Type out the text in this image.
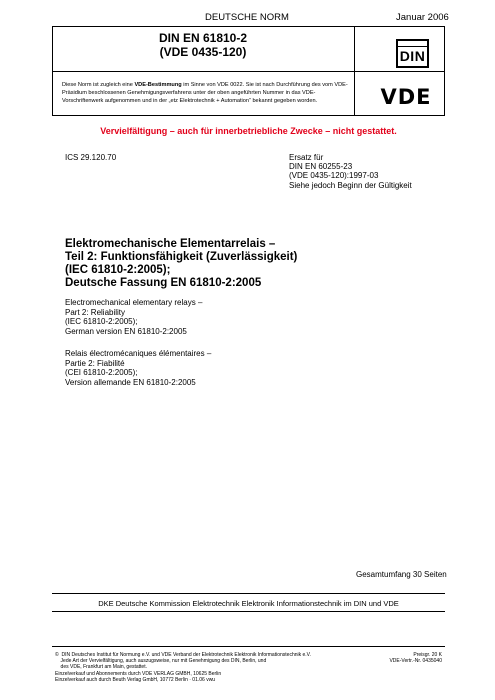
DEUTSCHE NORM	Januar 2006
DIN EN 61810-2
(VDE 0435-120)	DIN
Diese Norm ist zugleich eine VDE-Bestimmung im Sinne von VDE 0022. Sie ist nach Durchführung des vom VDE-Präsidium beschlossenen Genehmigungsverfahrens unter der oben angeführten Nummer in das VDE-Vorschriftenwerk aufgenommen und in der „etz Elektrotechnik + Automation“ bekannt gegeben worden.	VDE
Vervielfältigung – auch für innerbetriebliche Zwecke – nicht gestattet.
ICS 29.120.70	Ersatz für
DIN EN 60255-23
(VDE 0435-120):1997-03
Siehe jedoch Beginn der Gültigkeit
Elektromechanische Elementarrelais –
Teil 2: Funktionsfähigkeit (Zuverlässigkeit)
(IEC 61810-2:2005);
Deutsche Fassung EN 61810-2:2005
Electromechanical elementary relays –
Part 2: Reliability
(IEC 61810-2:2005);
German version EN 61810-2:2005
Relais électromécaniques élémentaires –
Partie 2: Fiabilité
(CEI 61810-2:2005);
Version allemande EN 61810-2:2005
Gesamtumfang 30 Seiten
DKE Deutsche Kommission Elektrotechnik Elektronik Informationstechnik im DIN und VDE
©  DIN Deutsches Institut für Normung e.V. und VDE Verband der Elektrotechnik Elektronik Informationstechnik e.V.
Jede Art der Vervielfältigung, auch auszugsweise, nur mit Genehmigung des DIN, Berlin, und
des VDE, Frankfurt am Main, gestattet.
Einzelverkauf und Abonnements durch VDE VERLAG GMBH, 10625 Berlin
Einzelverkauf auch durch Beuth Verlag GmbH, 10772 Berlin · 01.06 vwu
Preisgr. 20 K
VDE-Vertr.-Nr. 0435040
